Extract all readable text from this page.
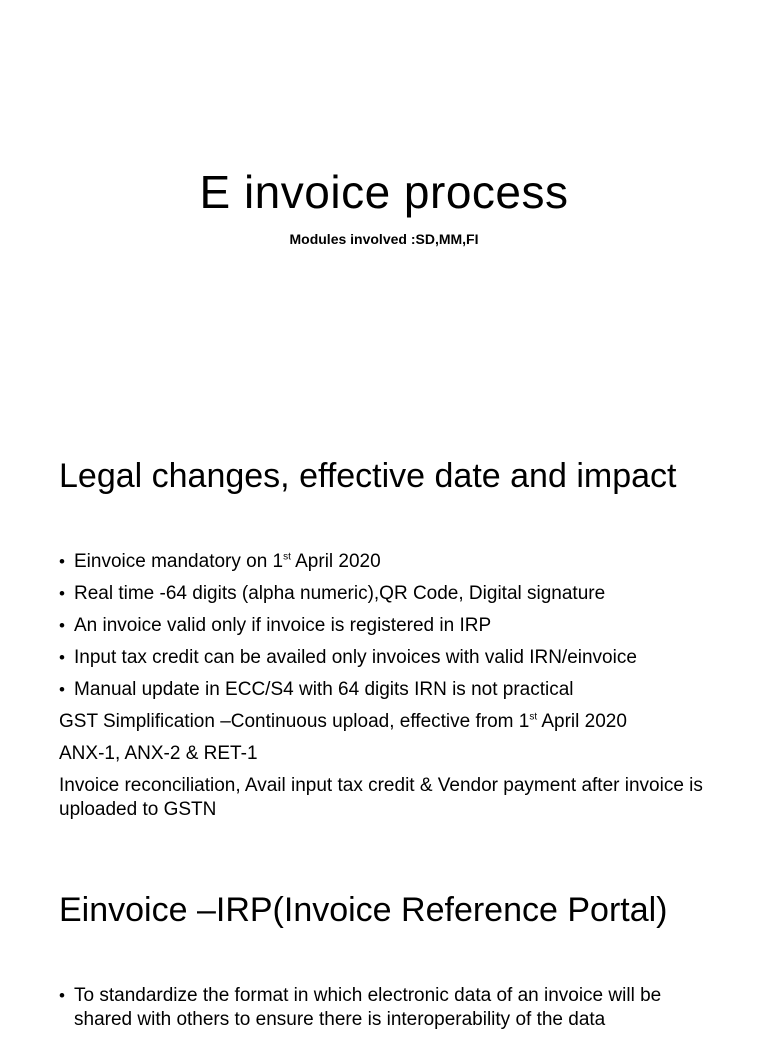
E invoice process

Modules involved :SD,MM,FI

Legal changes, effective date and impact
• Einvoice mandatory on 1st April 2020
• Real time -64 digits (alpha numeric),QR Code, Digital signature
• An invoice valid only if invoice is registered in IRP
• Input tax credit can be availed only invoices with valid IRN/einvoice
• Manual update in ECC/S4 with 64 digits IRN is not practical
GST Simplification –Continuous upload, effective from 1st April 2020
ANX-1, ANX-2 & RET-1
Invoice reconciliation, Avail input tax credit & Vendor payment after invoice is uploaded to GSTN
Einvoice –IRP(Invoice Reference Portal)
• To standardize the format in which electronic data of an invoice will be shared with others to ensure there is interoperability of the data
